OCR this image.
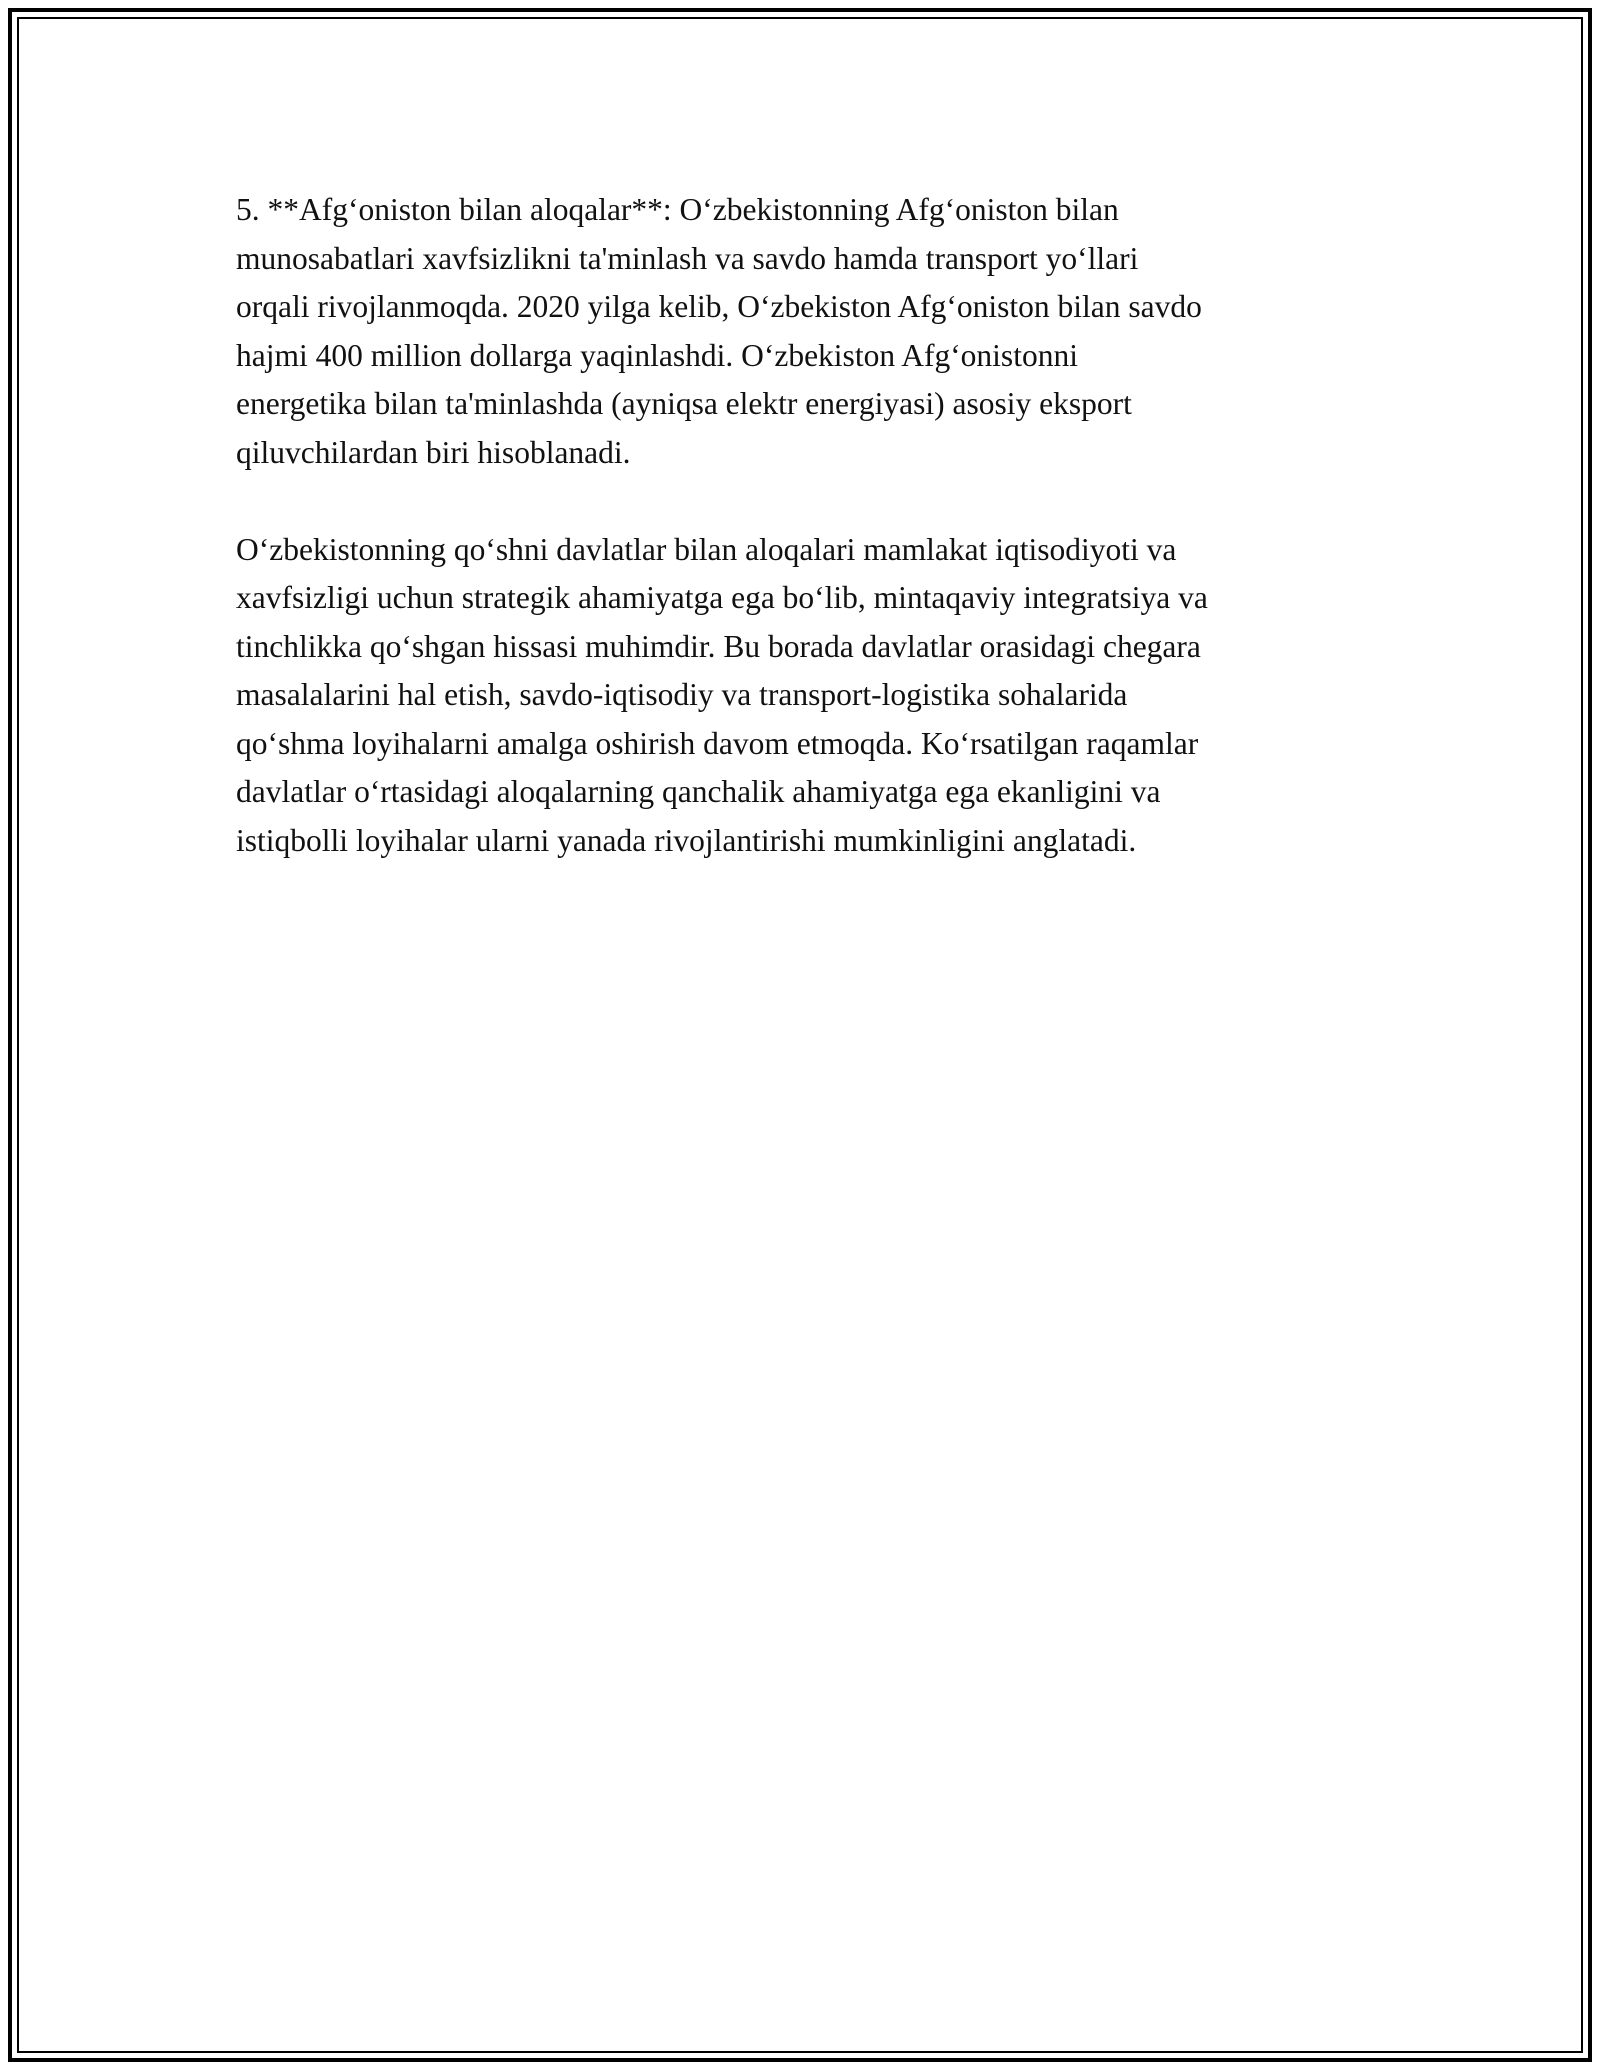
5. **Afg‘oniston bilan aloqalar**: O‘zbekistonning Afg‘oniston bilan
munosabatlari xavfsizlikni ta'minlash va savdo hamda transport yo‘llari
orqali rivojlanmoqda. 2020 yilga kelib, O‘zbekiston Afg‘oniston bilan savdo
hajmi 400 million dollarga yaqinlashdi. O‘zbekiston Afg‘onistonni
energetika bilan ta'minlashda (ayniqsa elektr energiyasi) asosiy eksport
qiluvchilardan biri hisoblanadi.

O‘zbekistonning qo‘shni davlatlar bilan aloqalari mamlakat iqtisodiyoti va
xavfsizligi uchun strategik ahamiyatga ega bo‘lib, mintaqaviy integratsiya va
tinchlikka qo‘shgan hissasi muhimdir. Bu borada davlatlar orasidagi chegara
masalalarini hal etish, savdo-iqtisodiy va transport-logistika sohalarida
qo‘shma loyihalarni amalga oshirish davom etmoqda. Ko‘rsatilgan raqamlar
davlatlar o‘rtasidagi aloqalarning qanchalik ahamiyatga ega ekanligini va
istiqbolli loyihalar ularni yanada rivojlantirishi mumkinligini anglatadi.
